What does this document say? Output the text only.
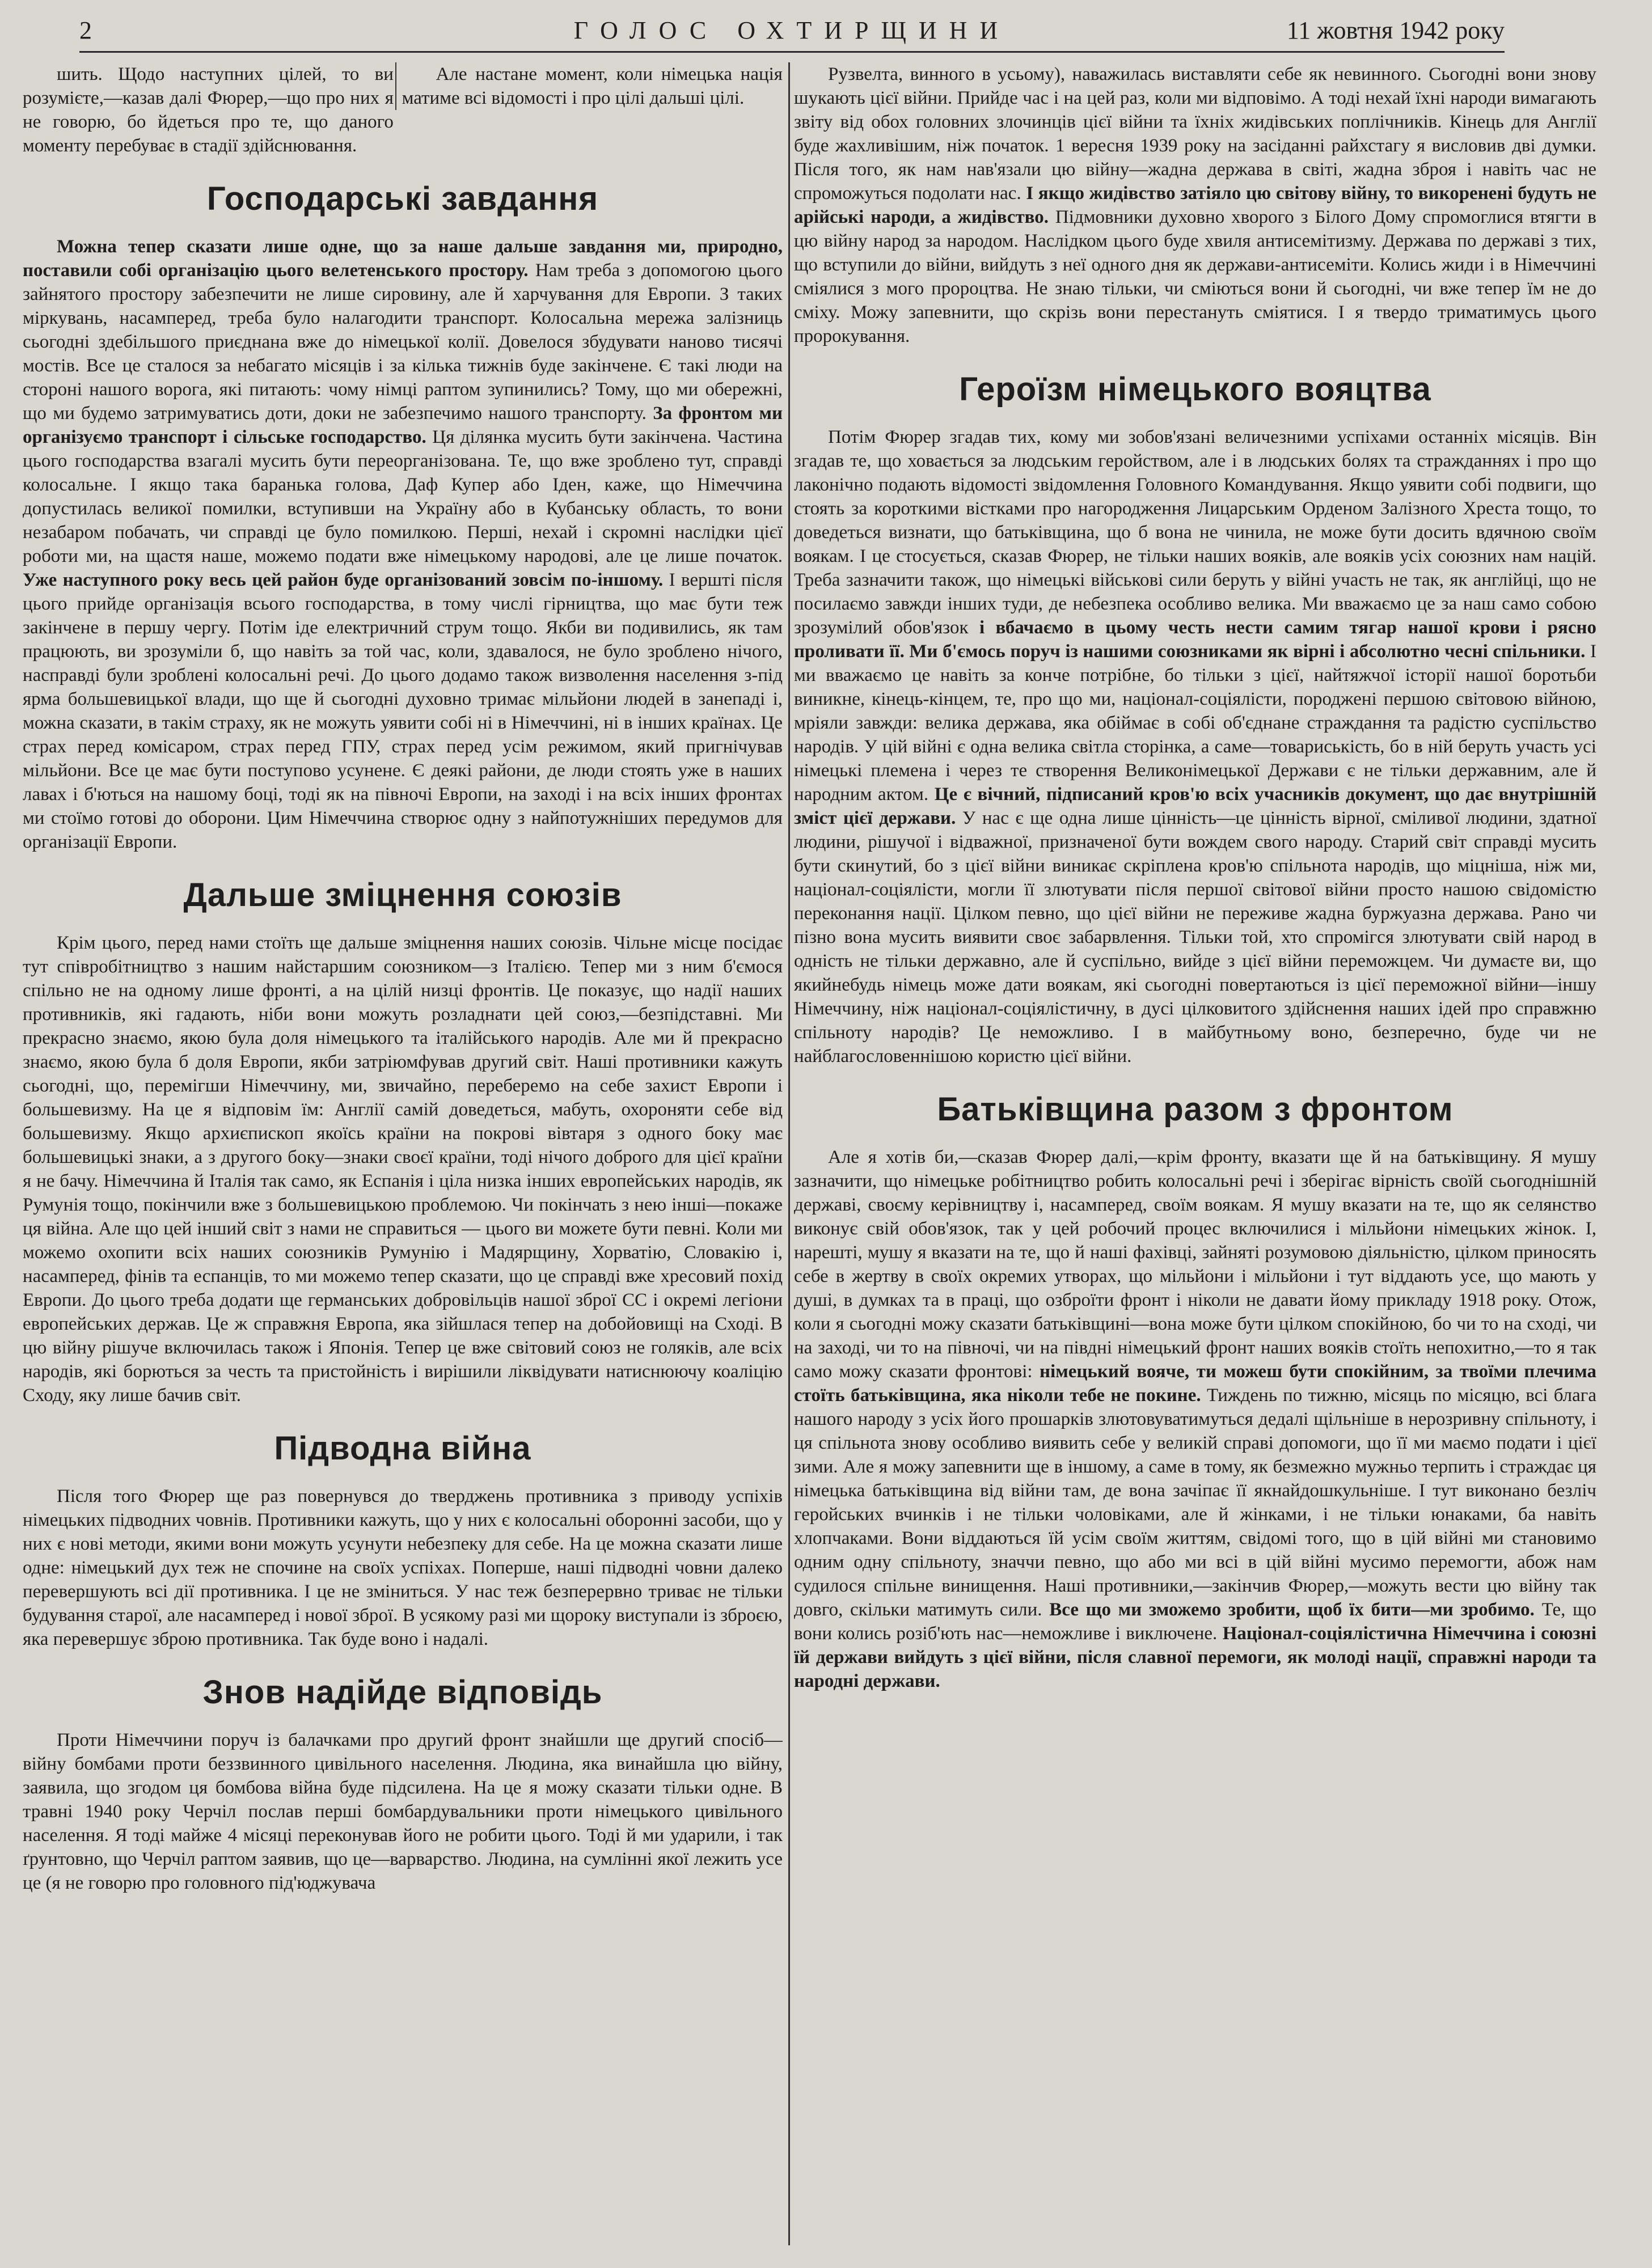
2	ГОЛОС ОХТИРЩИНИ	11 жовтня 1942 року

шить. Щодо наступних цілей, то ви розумієте,—казав далі Фюрер,—що про них я не говорю, бо йдеться про те, що даного моменту перебуває в стадії здійснювання.

Але настане момент, коли німецька нація матиме всі відомості і про цілі дальші цілі.

Господарські завдання

Можна тепер сказати лише одне, що за наше дальше завдання ми, природно, поставили собі організацію цього велетенського простору. Нам треба з допомогою цього зайнятого простору забезпечити не лише сировину, але й харчування для Европи. З таких міркувань, насамперед, треба було налагодити транспорт. Колосальна мережа залізниць сьогодні здебільшого приєднана вже до німецької колії. Довелося збудувати наново тисячі мостів. Все це сталося за небагато місяців і за кілька тижнів буде закінчене. Є такі люди на стороні нашого ворога, які питають: чому німці раптом зупинились? Тому, що ми обережні, що ми будемо затримуватись доти, доки не забезпечимо нашого транспорту. За фронтом ми організуємо транспорт і сільське господарство. Ця ділянка мусить бути закінчена. Частина цього господарства взагалі мусить бути переорганізована. Те, що вже зроблено тут, справді колосальне. І якщо така баранька голова, Даф Купер або Іден, каже, що Німеччина допустилась великої помилки, вступивши на Україну або в Кубанську область, то вони незабаром побачать, чи справді це було помилкою. Перші, нехай і скромні наслідки цієї роботи ми, на щастя наше, можемо подати вже німецькому народові, але це лише початок. Уже наступного року весь цей район буде організований зовсім по-іншому. І вершті після цього прийде організація всього господарства, в тому числі гірництва, що має бути теж закінчене в першу чергу. Потім іде електричний струм тощо. Якби ви подивились, як там працюють, ви зрозуміли б, що навіть за той час, коли, здавалося, не було зроблено нічого, насправді були зроблені колосальні речі. До цього додамо також визволення населення з-під ярма большевицької влади, що ще й сьогодні духовно тримає мільйони людей в занепаді і, можна сказати, в такім страху, як не можуть уявити собі ні в Німеччині, ні в інших країнах. Це страх перед комісаром, страх перед ГПУ, страх перед усім режимом, який пригнічував мільйони. Все це має бути поступово усунене. Є деякі райони, де люди стоять уже в наших лавах і б'ються на нашому боці, тоді як на півночі Европи, на заході і на всіх інших фронтах ми стоїмо готові до оборони. Цим Німеччина створює одну з найпотужніших передумов для організації Европи.

Дальше зміцнення союзів

Крім цього, перед нами стоїть ще дальше зміцнення наших союзів. Чільне місце посідає тут співробітництво з нашим найстаршим союзником—з Італією. Тепер ми з ним б'ємося спільно не на одному лише фронті, а на цілій низці фронтів. Це показує, що надії наших противників, які гадають, ніби вони можуть розладнати цей союз,—безпідставні. Ми прекрасно знаємо, якою була доля німецького та італійського народів. Але ми й прекрасно знаємо, якою була б доля Европи, якби затріюмфував другий світ. Наші противники кажуть сьогодні, що, перемігши Німеччину, ми, звичайно, переберемо на себе захист Европи і большевизму. На це я відповім їм: Англії самій доведеться, мабуть, охороняти себе від большевизму. Якщо архиєпископ якоїсь країни на покрові вівтаря з одного боку має большевицькі знаки, а з другого боку—знаки своєї країни, тоді нічого доброго для цієї країни я не бачу. Німеччина й Італія так само, як Еспанія і ціла низка інших европейських народів, як Румунія тощо, покінчили вже з большевицькою проблемою. Чи покінчать з нею інші—покаже ця війна. Але що цей інший світ з нами не справиться — цього ви можете бути певні. Коли ми можемо охопити всіх наших союзників Румунію і Мадярщину, Хорватію, Словакію і, насамперед, фінів та еспанців, то ми можемо тепер сказати, що це справді вже хресовий похід Европи. До цього треба додати ще германських добровільців нашої зброї СС і окремі легіони европейських держав. Це ж справжня Европа, яка зійшлася тепер на добойовищі на Сході. В цю війну рішуче включилась також і Японія. Тепер це вже світовий союз не голяків, але всіх народів, які борються за честь та пристойність і вирішили ліквідувати натиснюючу коаліцію Сходу, яку лише бачив світ.

Підводна війна

Після того Фюрер ще раз повернувся до тверджень противника з приводу успіхів німецьких підводних човнів. Противники кажуть, що у них є колосальні оборонні засоби, що у них є нові методи, якими вони можуть усунути небезпеку для себе. На це можна сказати лише одне: німецький дух теж не спочине на своїх успіхах. Поперше, наші підводні човни далеко перевершують всі дії противника. І це не зміниться. У нас теж безперервно триває не тільки будування старої, але насамперед і нової зброї. В усякому разі ми щороку виступали із зброєю, яка перевершує зброю противника. Так буде воно і надалі.

Знов надійде відповідь

Проти Німеччини поруч із балачками про другий фронт знайшли ще другий спосіб—війну бомбами проти беззвинного цивільного населення. Людина, яка винайшла цю війну, заявила, що згодом ця бомбова війна буде підсилена. На це я можу сказати тільки одне. В травні 1940 року Черчіл послав перші бомбардувальники проти німецького цивільного населення. Я тоді майже 4 місяці переконував його не робити цього. Тоді й ми ударили, і так ґрунтовно, що Черчіл раптом заявив, що це—варварство. Людина, на сумлінні якої лежить усе це (я не говорю про головного під'юджувача

Рузвелта, винного в усьому), наважилась виставляти себе як невинного. Сьогодні вони знову шукають цієї війни. Прийде час і на цей раз, коли ми відповімо. А тоді нехай їхні народи вимагають звіту від обох головних злочинців цієї війни та їхніх жидівських поплічників. Кінець для Англії буде жахливішим, ніж початок. 1 вересня 1939 року на засіданні райхстагу я висловив дві думки. Після того, як нам нав'язали цю війну—жадна держава в світі, жадна зброя і навіть час не спроможуться подолати нас. І якщо жидівство затіяло цю світову війну, то викоренені будуть не арійські народи, а жидівство. Підмовники духовно хворого з Білого Дому спромоглися втягти в цю війну народ за народом. Наслідком цього буде хвиля антисемітизму. Держава по державі з тих, що вступили до війни, вийдуть з неї одного дня як держави-антисеміти. Колись жиди і в Німеччині сміялися з мого пророцтва. Не знаю тільки, чи сміються вони й сьогодні, чи вже тепер їм не до сміху. Можу запевнити, що скрізь вони перестануть сміятися. І я твердо триматимусь цього пророкування.

Героїзм німецького вояцтва

Потім Фюрер згадав тих, кому ми зобов'язані величезними успіхами останніх місяців. Він згадав те, що ховається за людським геройством, але і в людських болях та стражданнях і про що лаконічно подають відомості звідомлення Головного Командування. Якщо уявити собі подвиги, що стоять за короткими вістками про нагородження Лицарським Орденом Залізного Хреста тощо, то доведеться визнати, що батьківщина, що б вона не чинила, не може бути досить вдячною своїм воякам. І це стосується, сказав Фюрер, не тільки наших вояків, але вояків усіх союзних нам націй. Треба зазначити також, що німецькі військові сили беруть у війні участь не так, як англійці, що не посилаємо завжди інших туди, де небезпека особливо велика. Ми вважаємо це за наш само собою зрозумілий обов'язок і вбачаємо в цьому честь нести самим тягар нашої крови і рясно проливати її. Ми б'ємось поруч із нашими союзниками як вірні і абсолютно чесні спільники. І ми вважаємо це навіть за конче потрібне, бо тільки з цієї, найтяжчої історії нашої боротьби виникне, кінець-кінцем, те, про що ми, націонал-соціялісти, породжені першою світовою війною, мріяли завжди: велика держава, яка обіймає в собі об'єднане страждання та радістю суспільство народів. У цій війні є одна велика світла сторінка, а саме—товариськість, бо в ній беруть участь усі німецькі племена і через те створення Великонімецької Держави є не тільки державним, але й народним актом. Це є вічний, підписаний кров'ю всіх учасників документ, що дає внутрішній зміст цієї держави. У нас є ще одна лише цінність—це цінність вірної, сміливої людини, здатної людини, рішучої і відважної, призначеної бути вождем свого народу. Старий світ справді мусить бути скинутий, бо з цієї війни виникає скріплена кров'ю спільнота народів, що міцніша, ніж ми, націонал-соціялісти, могли її злютувати після першої світової війни просто нашою свідомістю переконання нації. Цілком певно, що цієї війни не переживе жадна буржуазна держава. Рано чи пізно вона мусить виявити своє забарвлення. Тільки той, хто спромігся злютувати свій народ в одність не тільки державно, але й суспільно, вийде з цієї війни переможцем. Чи думаєте ви, що якийнебудь німець може дати воякам, які сьогодні повертаються із цієї переможної війни—іншу Німеччину, ніж націонал-соціялістичну, в дусі цілковитого здійснення наших ідей про справжню спільноту народів? Це неможливо. І в майбутньому воно, безперечно, буде чи не найблагословеннішою користю цієї війни.

Батьківщина разом з фронтом

Але я хотів би,—сказав Фюрер далі,—крім фронту, вказати ще й на батьківщину. Я мушу зазначити, що німецьке робітництво робить колосальні речі і зберігає вірність своїй сьогоднішній державі, своєму керівництву і, насамперед, своїм воякам. Я мушу вказати на те, що як селянство виконує свій обов'язок, так у цей робочий процес включилися і мільйони німецьких жінок. І, нарешті, мушу я вказати на те, що й наші фахівці, зайняті розумовою діяльністю, цілком приносять себе в жертву в своїх окремих утворах, що мільйони і мільйони і тут віддають усе, що мають у душі, в думках та в праці, що озброїти фронт і ніколи не давати йому прикладу 1918 року. Отож, коли я сьогодні можу сказати батьківщині—вона може бути цілком спокійною, бо чи то на сході, чи на заході, чи то на півночі, чи на півдні німецький фронт наших вояків стоїть непохитно,—то я так само можу сказати фронтові: німецький вояче, ти можеш бути спокійним, за твоїми плечима стоїть батьківщина, яка ніколи тебе не покине. Тиждень по тижню, місяць по місяцю, всі блага нашого народу з усіх його прошарків злютовуватимуться дедалі щільніше в нерозривну спільноту, і ця спільнота знову особливо виявить себе у великій справі допомоги, що її ми маємо подати і цієї зими. Але я можу запевнити ще в іншому, а саме в тому, як безмежно мужньо терпить і страждає ця німецька батьківщина від війни там, де вона зачіпає її якнайдошкульніше. І тут виконано безліч геройських вчинків і не тільки чоловіками, але й жінками, і не тільки юнаками, ба навіть хлопчаками. Вони віддаються їй усім своїм життям, свідомі того, що в цій війні ми становимо одним одну спільноту, значчи певно, що або ми всі в цій війні мусимо перемогти, абож нам судилося спільне винищення. Наші противники,—закінчив Фюрер,—можуть вести цю війну так довго, скільки матимуть сили. Все що ми зможемо зробити, щоб їх бити—ми зробимо. Те, що вони колись розіб'ють нас—неможливе і виключене. Націонал-соціялістична Німеччина і союзні їй держави вийдуть з цієї війни, після славної перемоги, як молоді нації, справжні народи та народні держави.
